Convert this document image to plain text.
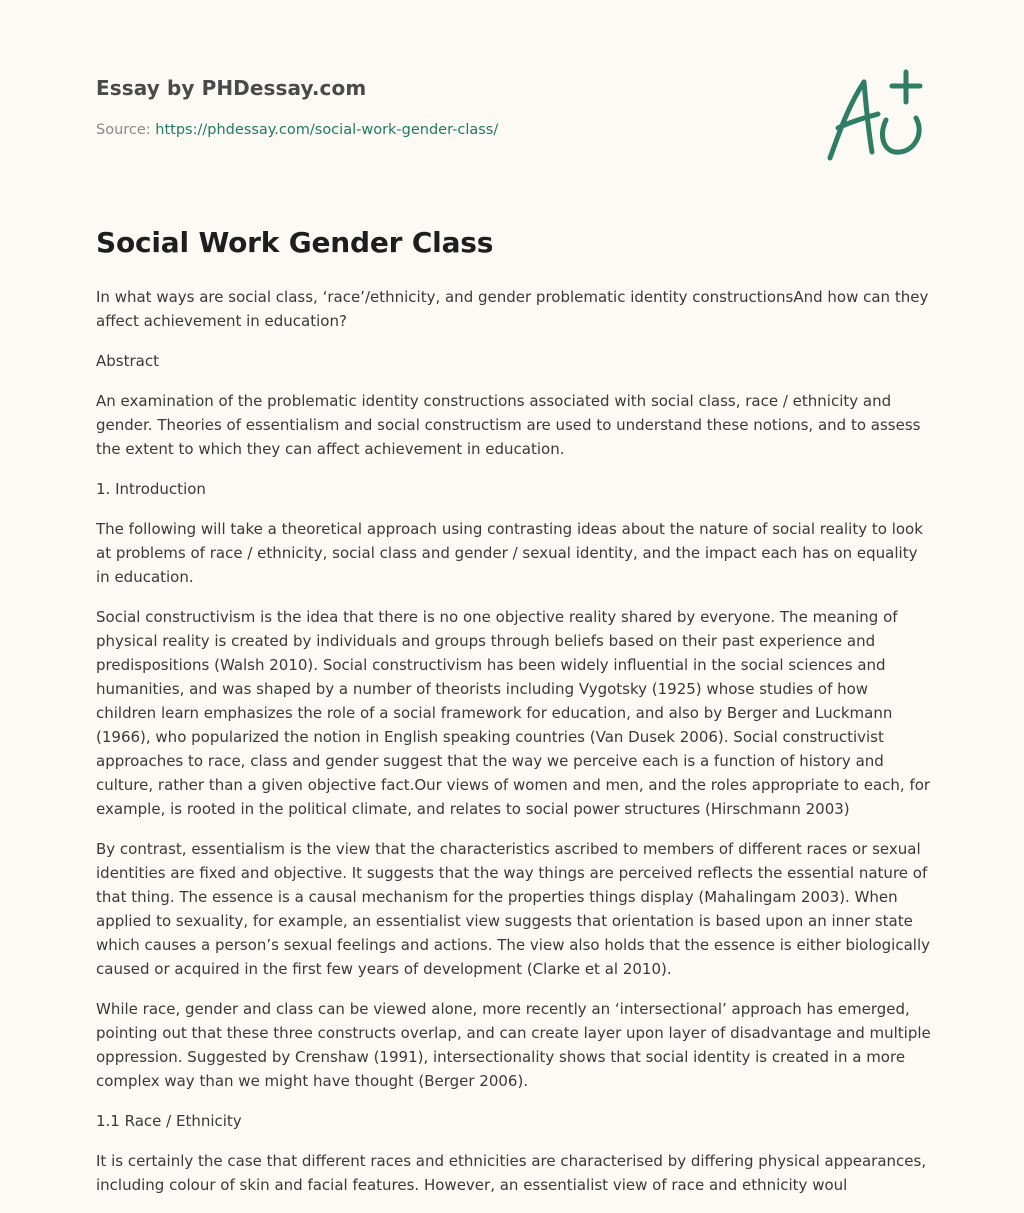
Essay by PHDessay.com
Source: https://phdessay.com/social-work-gender-class/
Social Work Gender Class

In what ways are social class, ‘race’/ethnicity, and gender problematic identity constructionsAnd how can they affect achievement in education?

Abstract

An examination of the problematic identity constructions associated with social class, race / ethnicity and gender. Theories of essentialism and social constructism are used to understand these notions, and to assess the extent to which they can affect achievement in education.

1. Introduction

The following will take a theoretical approach using contrasting ideas about the nature of social reality to look at problems of race / ethnicity, social class and gender / sexual identity, and the impact each has on equality in education.

Social constructivism is the idea that there is no one objective reality shared by everyone. The meaning of physical reality is created by individuals and groups through beliefs based on their past experience and predispositions (Walsh 2010). Social constructivism has been widely influential in the social sciences and humanities, and was shaped by a number of theorists including Vygotsky (1925) whose studies of how children learn emphasizes the role of a social framework for education, and also by Berger and Luckmann (1966), who popularized the notion in English speaking countries (Van Dusek 2006). Social constructivist approaches to race, class and gender suggest that the way we perceive each is a function of history and culture, rather than a given objective fact.Our views of women and men, and the roles appropriate to each, for example, is rooted in the political climate, and relates to social power structures (Hirschmann 2003)

By contrast, essentialism is the view that the characteristics ascribed to members of different races or sexual identities are fixed and objective. It suggests that the way things are perceived reflects the essential nature of that thing. The essence is a causal mechanism for the properties things display (Mahalingam 2003). When applied to sexuality, for example, an essentialist view suggests that orientation is based upon an inner state which causes a person’s sexual feelings and actions. The view also holds that the essence is either biologically caused or acquired in the first few years of development (Clarke et al 2010).

While race, gender and class can be viewed alone, more recently an ‘intersectional’ approach has emerged, pointing out that these three constructs overlap, and can create layer upon layer of disadvantage and multiple oppression. Suggested by Crenshaw (1991), intersectionality shows that social identity is created in a more complex way than we might have thought (Berger 2006).

1.1 Race / Ethnicity

It is certainly the case that different races and ethnicities are characterised by differing physical appearances, including colour of skin and facial features. However, an essentialist view of race and ethnicity woul
